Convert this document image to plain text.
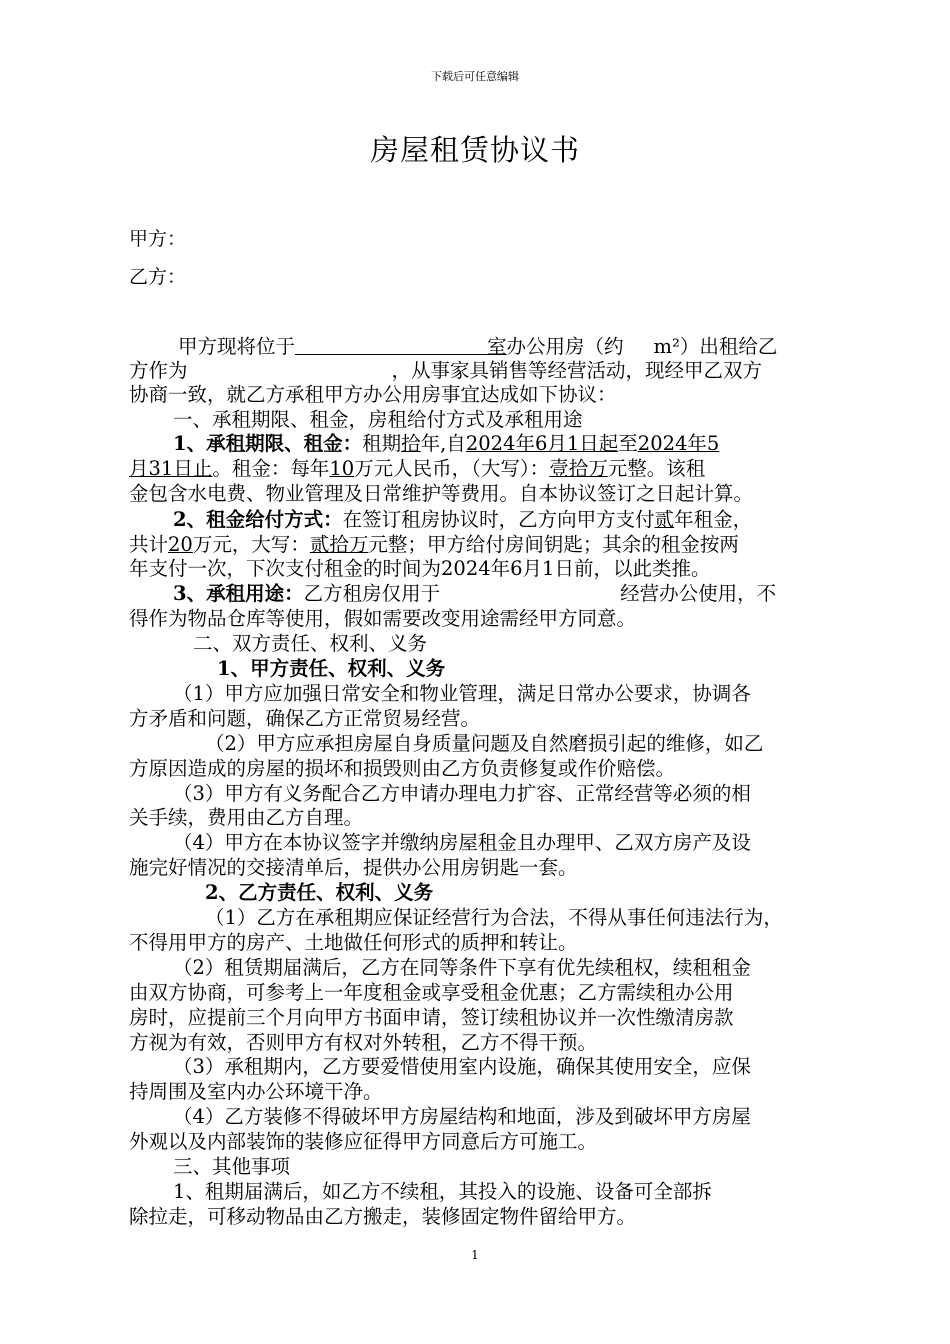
下载后可任意编辑
房屋租赁协议书
甲方：
乙方：
甲方现将位于	室办公用房（约 m²）出租给乙
方作为	，从事家具销售等经营活动，现经甲乙双方
协商一致，就乙方承租甲方办公用房事宜达成如下协议：
一、承租期限、租金，房租给付方式及承租用途
1、承租期限、租金：租期拾年,自2024年6月1日起至2024年5
月31日止。租金：每年10万元人民币，（大写）：壹拾万元整。该租
金包含水电费、物业管理及日常维护等费用。自本协议签订之日起计算。
2、租金给付方式：在签订租房协议时，乙方向甲方支付贰年租金，
共计20万元，大写：贰拾万元整；甲方给付房间钥匙；其余的租金按两
年支付一次，下次支付租金的时间为2024年6月1日前，以此类推。
3、承租用途：乙方租房仅用于	经营办公使用，不
得作为物品仓库等使用，假如需要改变用途需经甲方同意。
二、双方责任、权利、义务
1、甲方责任、权利、义务
（1）甲方应加强日常安全和物业管理，满足日常办公要求，协调各
方矛盾和问题，确保乙方正常贸易经营。
（2）甲方应承担房屋自身质量问题及自然磨损引起的维修，如乙
方原因造成的房屋的损坏和损毁则由乙方负责修复或作价赔偿。
（3）甲方有义务配合乙方申请办理电力扩容、正常经营等必须的相
关手续，费用由乙方自理。
（4）甲方在本协议签字并缴纳房屋租金且办理甲、乙双方房产及设
施完好情况的交接清单后，提供办公用房钥匙一套。
2、乙方责任、权利、义务
（1）乙方在承租期应保证经营行为合法，不得从事任何违法行为，
不得用甲方的房产、土地做任何形式的质押和转让。
（2）租赁期届满后，乙方在同等条件下享有优先续租权，续租租金
由双方协商，可参考上一年度租金或享受租金优惠；乙方需续租办公用
房时，应提前三个月向甲方书面申请，签订续租协议并一次性缴清房款
方视为有效，否则甲方有权对外转租，乙方不得干预。
（3）承租期内，乙方要爱惜使用室内设施，确保其使用安全，应保
持周围及室内办公环境干净。
（4）乙方装修不得破坏甲方房屋结构和地面，涉及到破坏甲方房屋
外观以及内部装饰的装修应征得甲方同意后方可施工。
三、其他事项
1、租期届满后，如乙方不续租，其投入的设施、设备可全部拆
除拉走，可移动物品由乙方搬走，装修固定物件留给甲方。
1
